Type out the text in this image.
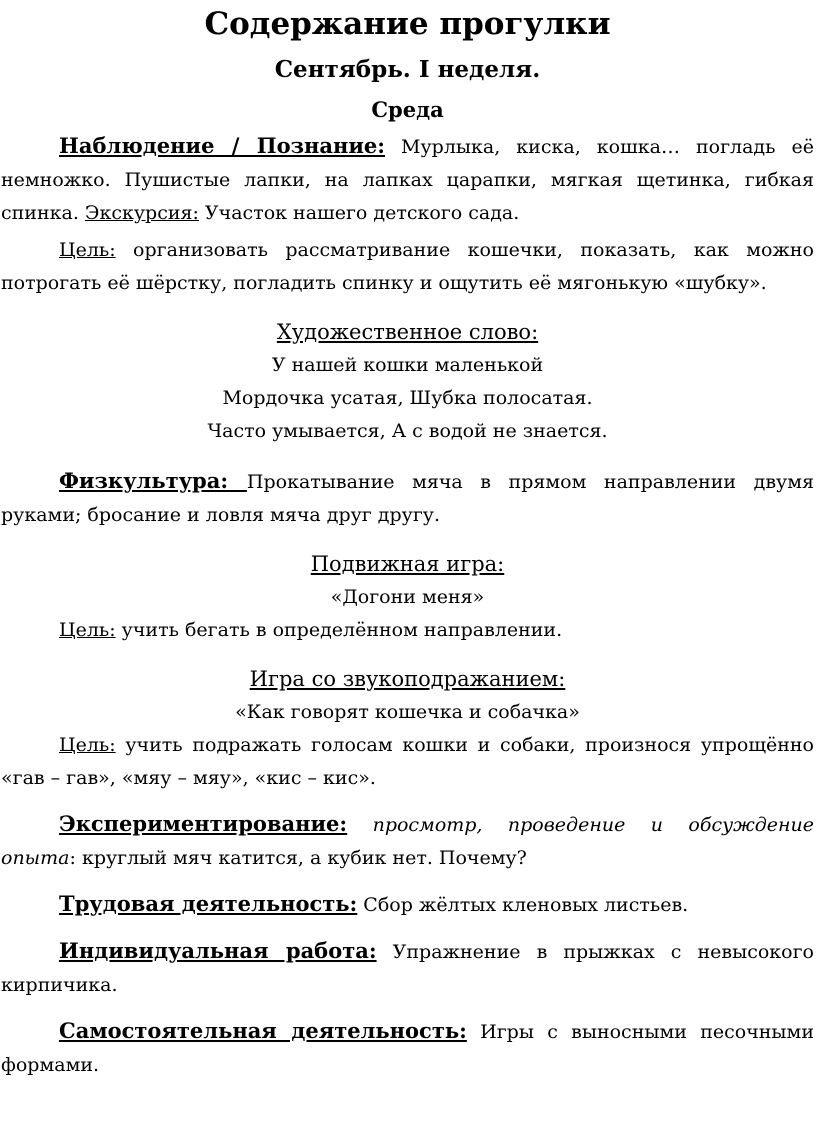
Содержание прогулки
Сентябрь. I неделя.
Среда

Наблюдение / Познание: Мурлыка, киска, кошка… погладь её немножко. Пушистые лапки, на лапках царапки, мягкая щетинка, гибкая спинка. Экскурсия: Участок нашего детского сада.

Цель: организовать рассматривание кошечки, показать, как можно потрогать её шёрстку, погладить спинку и ощутить её мягонькую «шубку».

Художественное слово:
У нашей кошки маленькой
Мордочка усатая, Шубка полосатая.
Часто умывается, А с водой не знается.

Физкультура: Прокатывание мяча в прямом направлении двумя руками; бросание и ловля мяча друг другу.

Подвижная игра:
«Догони меня»

Цель: учить бегать в определённом направлении.

Игра со звукоподражанием:
«Как говорят кошечка и собачка»

Цель: учить подражать голосам кошки и собаки, произнося упрощённо «гав – гав», «мяу – мяу», «кис – кис».

Экспериментирование: просмотр, проведение и обсуждение опыта: круглый мяч катится, а кубик нет. Почему?

Трудовая деятельность: Сбор жёлтых кленовых листьев.

Индивидуальная работа: Упражнение в прыжках с невысокого кирпичика.

Самостоятельная деятельность: Игры с выносными песочными формами.
